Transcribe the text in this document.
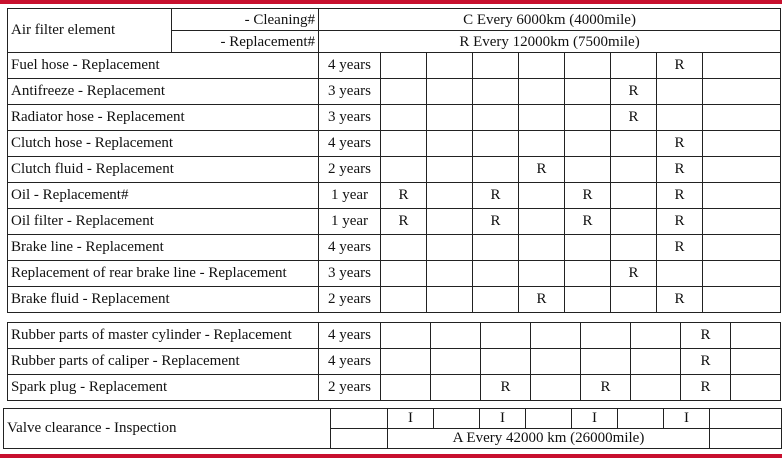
Air filter element	- Cleaning#	C Every 6000km (4000mile)								
	- Replacement#	R Every 12000km (7500mile)								
Fuel hose - Replacement		4 years							R	
Antifreeze - Replacement		3 years						R		
Radiator hose - Replacement		3 years						R		
Clutch hose - Replacement		4 years							R	
Clutch fluid - Replacement		2 years				R			R	
Oil - Replacement#		1 year	R		R		R		R	
Oil filter - Replacement		1 year	R		R		R		R	
Brake line - Replacement		4 years							R	
Replacement of rear brake line - Replacement		3 years						R		
Brake fluid - Replacement		2 years				R			R	
Rubber parts of master cylinder - Replacement	4 years							R	
Rubber parts of caliper - Replacement	4 years							R	
Spark plug - Replacement	2 years			R		R		R	
Valve clearance - Inspection		I		I		I		I	
		A Every 42000 km (26000mile)							
